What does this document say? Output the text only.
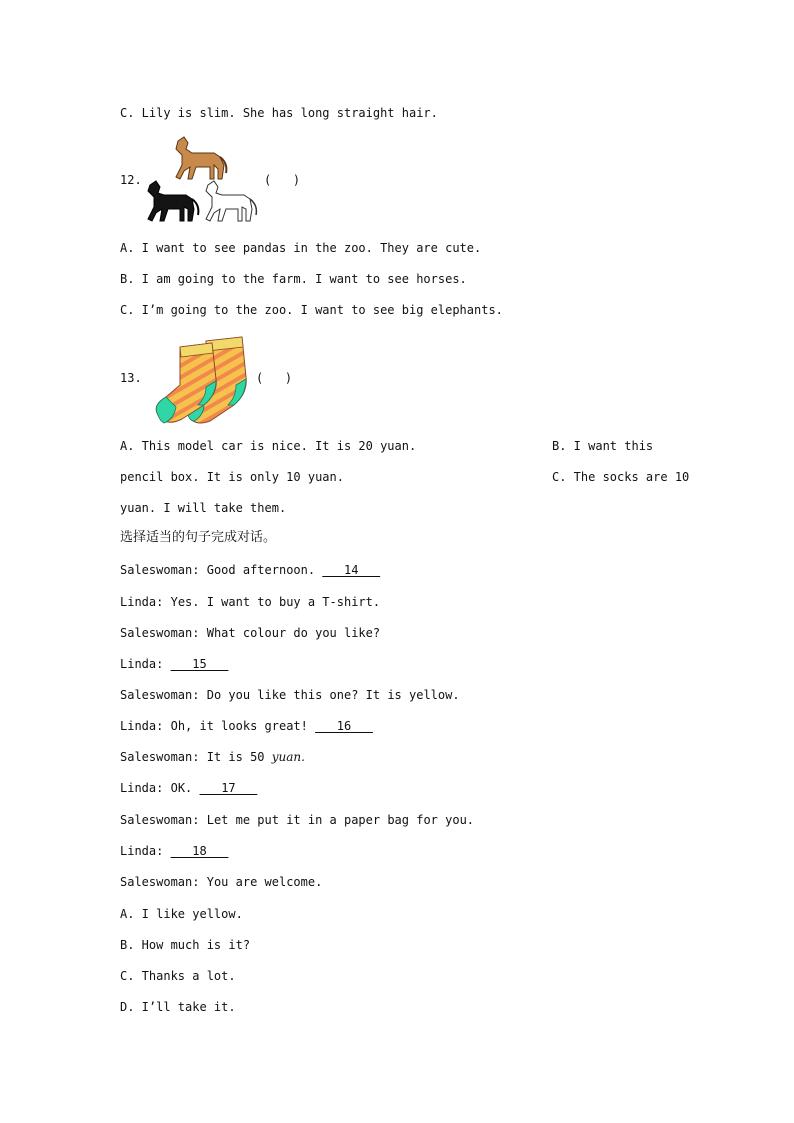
C. Lily is slim. She has long straight hair.
12.	(   )
A. I want to see pandas in the zoo. They are cute.
B. I am going to the farm. I want to see horses.
C. I’m going to the zoo. I want to see big elephants.
13.	(   )
A. This model car is nice. It is 20 yuan.	B. I want this
pencil box. It is only 10 yuan.	C. The socks are 10
yuan. I will take them.
选择适当的句子完成对话。
Saleswoman: Good afternoon. ___14___
Linda: Yes. I want to buy a T-shirt.
Saleswoman: What colour do you like?
Linda: ___15___
Saleswoman: Do you like this one? It is yellow.
Linda: Oh, it looks great! ___16___
Saleswoman: It is 50 yuan.
Linda: OK. ___17___
Saleswoman: Let me put it in a paper bag for you.
Linda: ___18___
Saleswoman: You are welcome.
A. I like yellow.
B. How much is it?
C. Thanks a lot.
D. I’ll take it.
